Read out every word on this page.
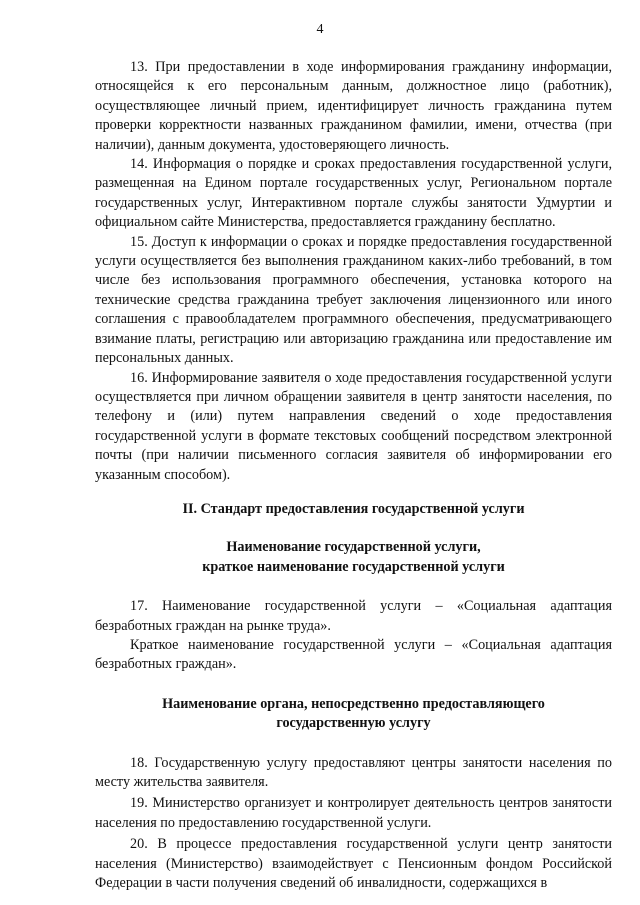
4

13. При предоставлении в ходе информирования гражданину информации, относящейся к его персональным данным, должностное лицо (работник), осуществляющее личный прием, идентифицирует личность гражданина путем проверки корректности названных гражданином фамилии, имени, отчества (при наличии), данным документа, удостоверяющего личность.

14. Информация о порядке и сроках предоставления государственной услуги, размещенная на Едином портале государственных услуг, Региональном портале государственных услуг, Интерактивном портале службы занятости Удмуртии и официальном сайте Министерства, предоставляется гражданину бесплатно.

15. Доступ к информации о сроках и порядке предоставления государственной услуги осуществляется без выполнения гражданином каких-либо требований, в том числе без использования программного обеспечения, установка которого на технические средства гражданина требует заключения лицензионного или иного соглашения с правообладателем программного обеспечения, предусматривающего взимание платы, регистрацию или авторизацию гражданина или предоставление им персональных данных.

16. Информирование заявителя о ходе предоставления государственной услуги осуществляется при личном обращении заявителя в центр занятости населения, по телефону и (или) путем направления сведений о ходе предоставления государственной услуги в формате текстовых сообщений посредством электронной почты (при наличии письменного согласия заявителя об информировании его указанным способом).

II. Стандарт предоставления государственной услуги

Наименование государственной услуги,
краткое наименование государственной услуги

17. Наименование государственной услуги – «Социальная адаптация безработных граждан на рынке труда».

Краткое наименование государственной услуги – «Социальная адаптация безработных граждан».

Наименование органа, непосредственно предоставляющего
государственную услугу

18. Государственную услугу предоставляют центры занятости населения по месту жительства заявителя.

19. Министерство организует и контролирует деятельность центров занятости населения по предоставлению государственной услуги.

20. В процессе предоставления государственной услуги центр занятости населения (Министерство) взаимодействует с Пенсионным фондом Российской Федерации в части получения сведений об инвалидности, содержащихся в
